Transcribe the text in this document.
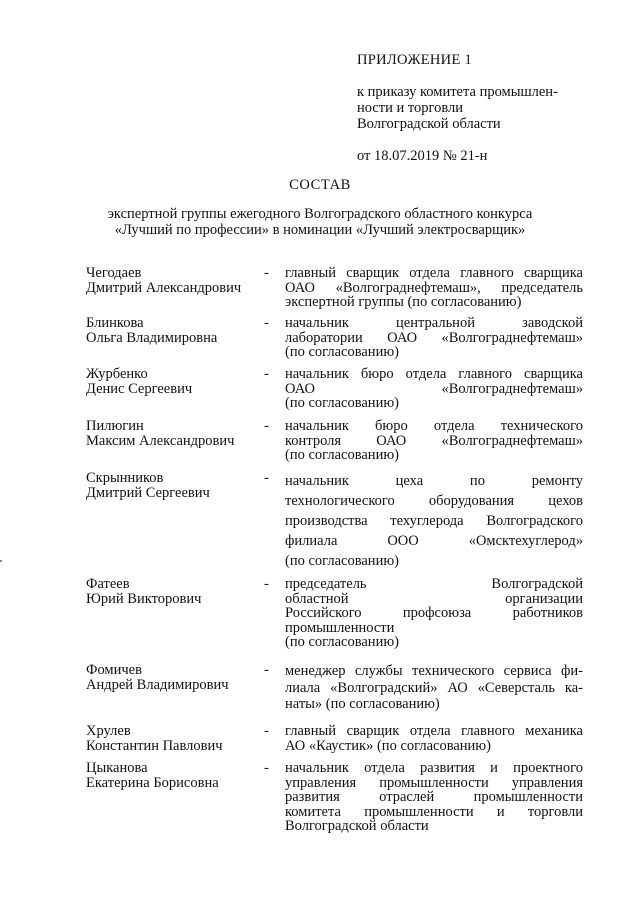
ПРИЛОЖЕНИЕ 1
к приказу комитета промышлен-
ности и торговли
Волгоградской области
от 18.07.2019 № 21-н
СОСТАВ
экспертной группы ежегодного Волгоградского областного конкурса
«Лучший по профессии» в номинации «Лучший электросварщик»
Чегодаев
Дмитрий Александрович
-	главный сварщик отдела главного сварщика
ОАО «Волгограднефтемаш», председатель
экспертной группы (по согласованию)
Блинкова
Ольга Владимировна
-	начальник центральной заводской
лаборатории ОАО «Волгограднефтемаш»
(по согласованию)
Журбенко
Денис Сергеевич
-	начальник бюро отдела главного сварщика
ОАО «Волгограднефтемаш»
(по согласованию)
Пилюгин
Максим Александрович
-	начальник бюро отдела технического
контроля ОАО «Волгограднефтемаш»
(по согласованию)
Скрынников
Дмитрий Сергеевич
-	начальник цеха по ремонту
технологического оборудования цехов
производства техуглерода Волгоградского
филиала ООО «Омсктехуглерод»
(по согласованию)
Фатеев
Юрий Викторович
-	председатель Волгоградской
областной организации
Российского профсоюза работников
промышленности
(по согласованию)
Фомичев
Андрей Владимирович
-	менеджер службы технического сервиса фи-
лиала «Волгоградский» АО «Северсталь ка-
наты» (по согласованию)
Хрулев
Константин Павлович
-	главный сварщик отдела главного механика
АО «Каустик» (по согласованию)
Цыканова
Екатерина Борисовна
-	начальник отдела развития и проектного
управления промышленности управления
развития отраслей промышленности
комитета промышленности и торговли
Волгоградской области
